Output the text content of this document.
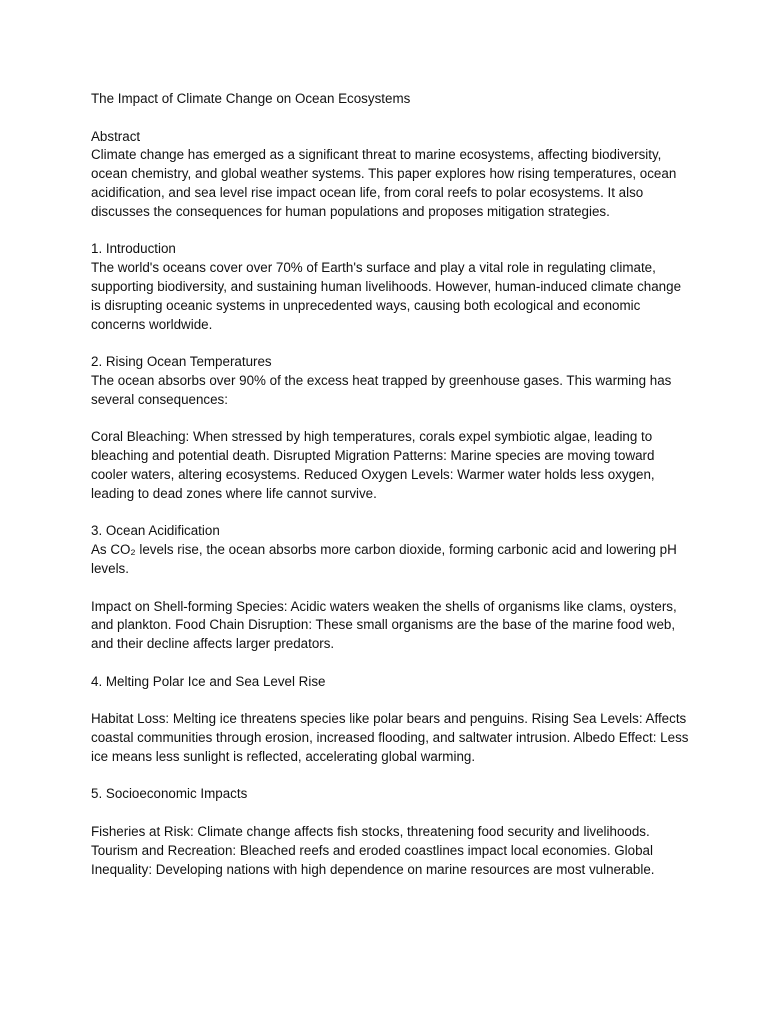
The Impact of Climate Change on Ocean Ecosystems

Abstract

Climate change has emerged as a significant threat to marine ecosystems, affecting biodiversity, ocean chemistry, and global weather systems. This paper explores how rising temperatures, ocean acidification, and sea level rise impact ocean life, from coral reefs to polar ecosystems. It also discusses the consequences for human populations and proposes mitigation strategies.

1. Introduction

The world's oceans cover over 70% of Earth's surface and play a vital role in regulating climate, supporting biodiversity, and sustaining human livelihoods. However, human-induced climate change is disrupting oceanic systems in unprecedented ways, causing both ecological and economic concerns worldwide.

2. Rising Ocean Temperatures

The ocean absorbs over 90% of the excess heat trapped by greenhouse gases. This warming has several consequences:

Coral Bleaching: When stressed by high temperatures, corals expel symbiotic algae, leading to bleaching and potential death. Disrupted Migration Patterns: Marine species are moving toward cooler waters, altering ecosystems. Reduced Oxygen Levels: Warmer water holds less oxygen, leading to dead zones where life cannot survive.

3. Ocean Acidification

As CO₂ levels rise, the ocean absorbs more carbon dioxide, forming carbonic acid and lowering pH levels.

Impact on Shell-forming Species: Acidic waters weaken the shells of organisms like clams, oysters, and plankton. Food Chain Disruption: These small organisms are the base of the marine food web, and their decline affects larger predators.

4. Melting Polar Ice and Sea Level Rise

Habitat Loss: Melting ice threatens species like polar bears and penguins. Rising Sea Levels: Affects coastal communities through erosion, increased flooding, and saltwater intrusion. Albedo Effect: Less ice means less sunlight is reflected, accelerating global warming.

5. Socioeconomic Impacts

Fisheries at Risk: Climate change affects fish stocks, threatening food security and livelihoods. Tourism and Recreation: Bleached reefs and eroded coastlines impact local economies. Global Inequality: Developing nations with high dependence on marine resources are most vulnerable.
